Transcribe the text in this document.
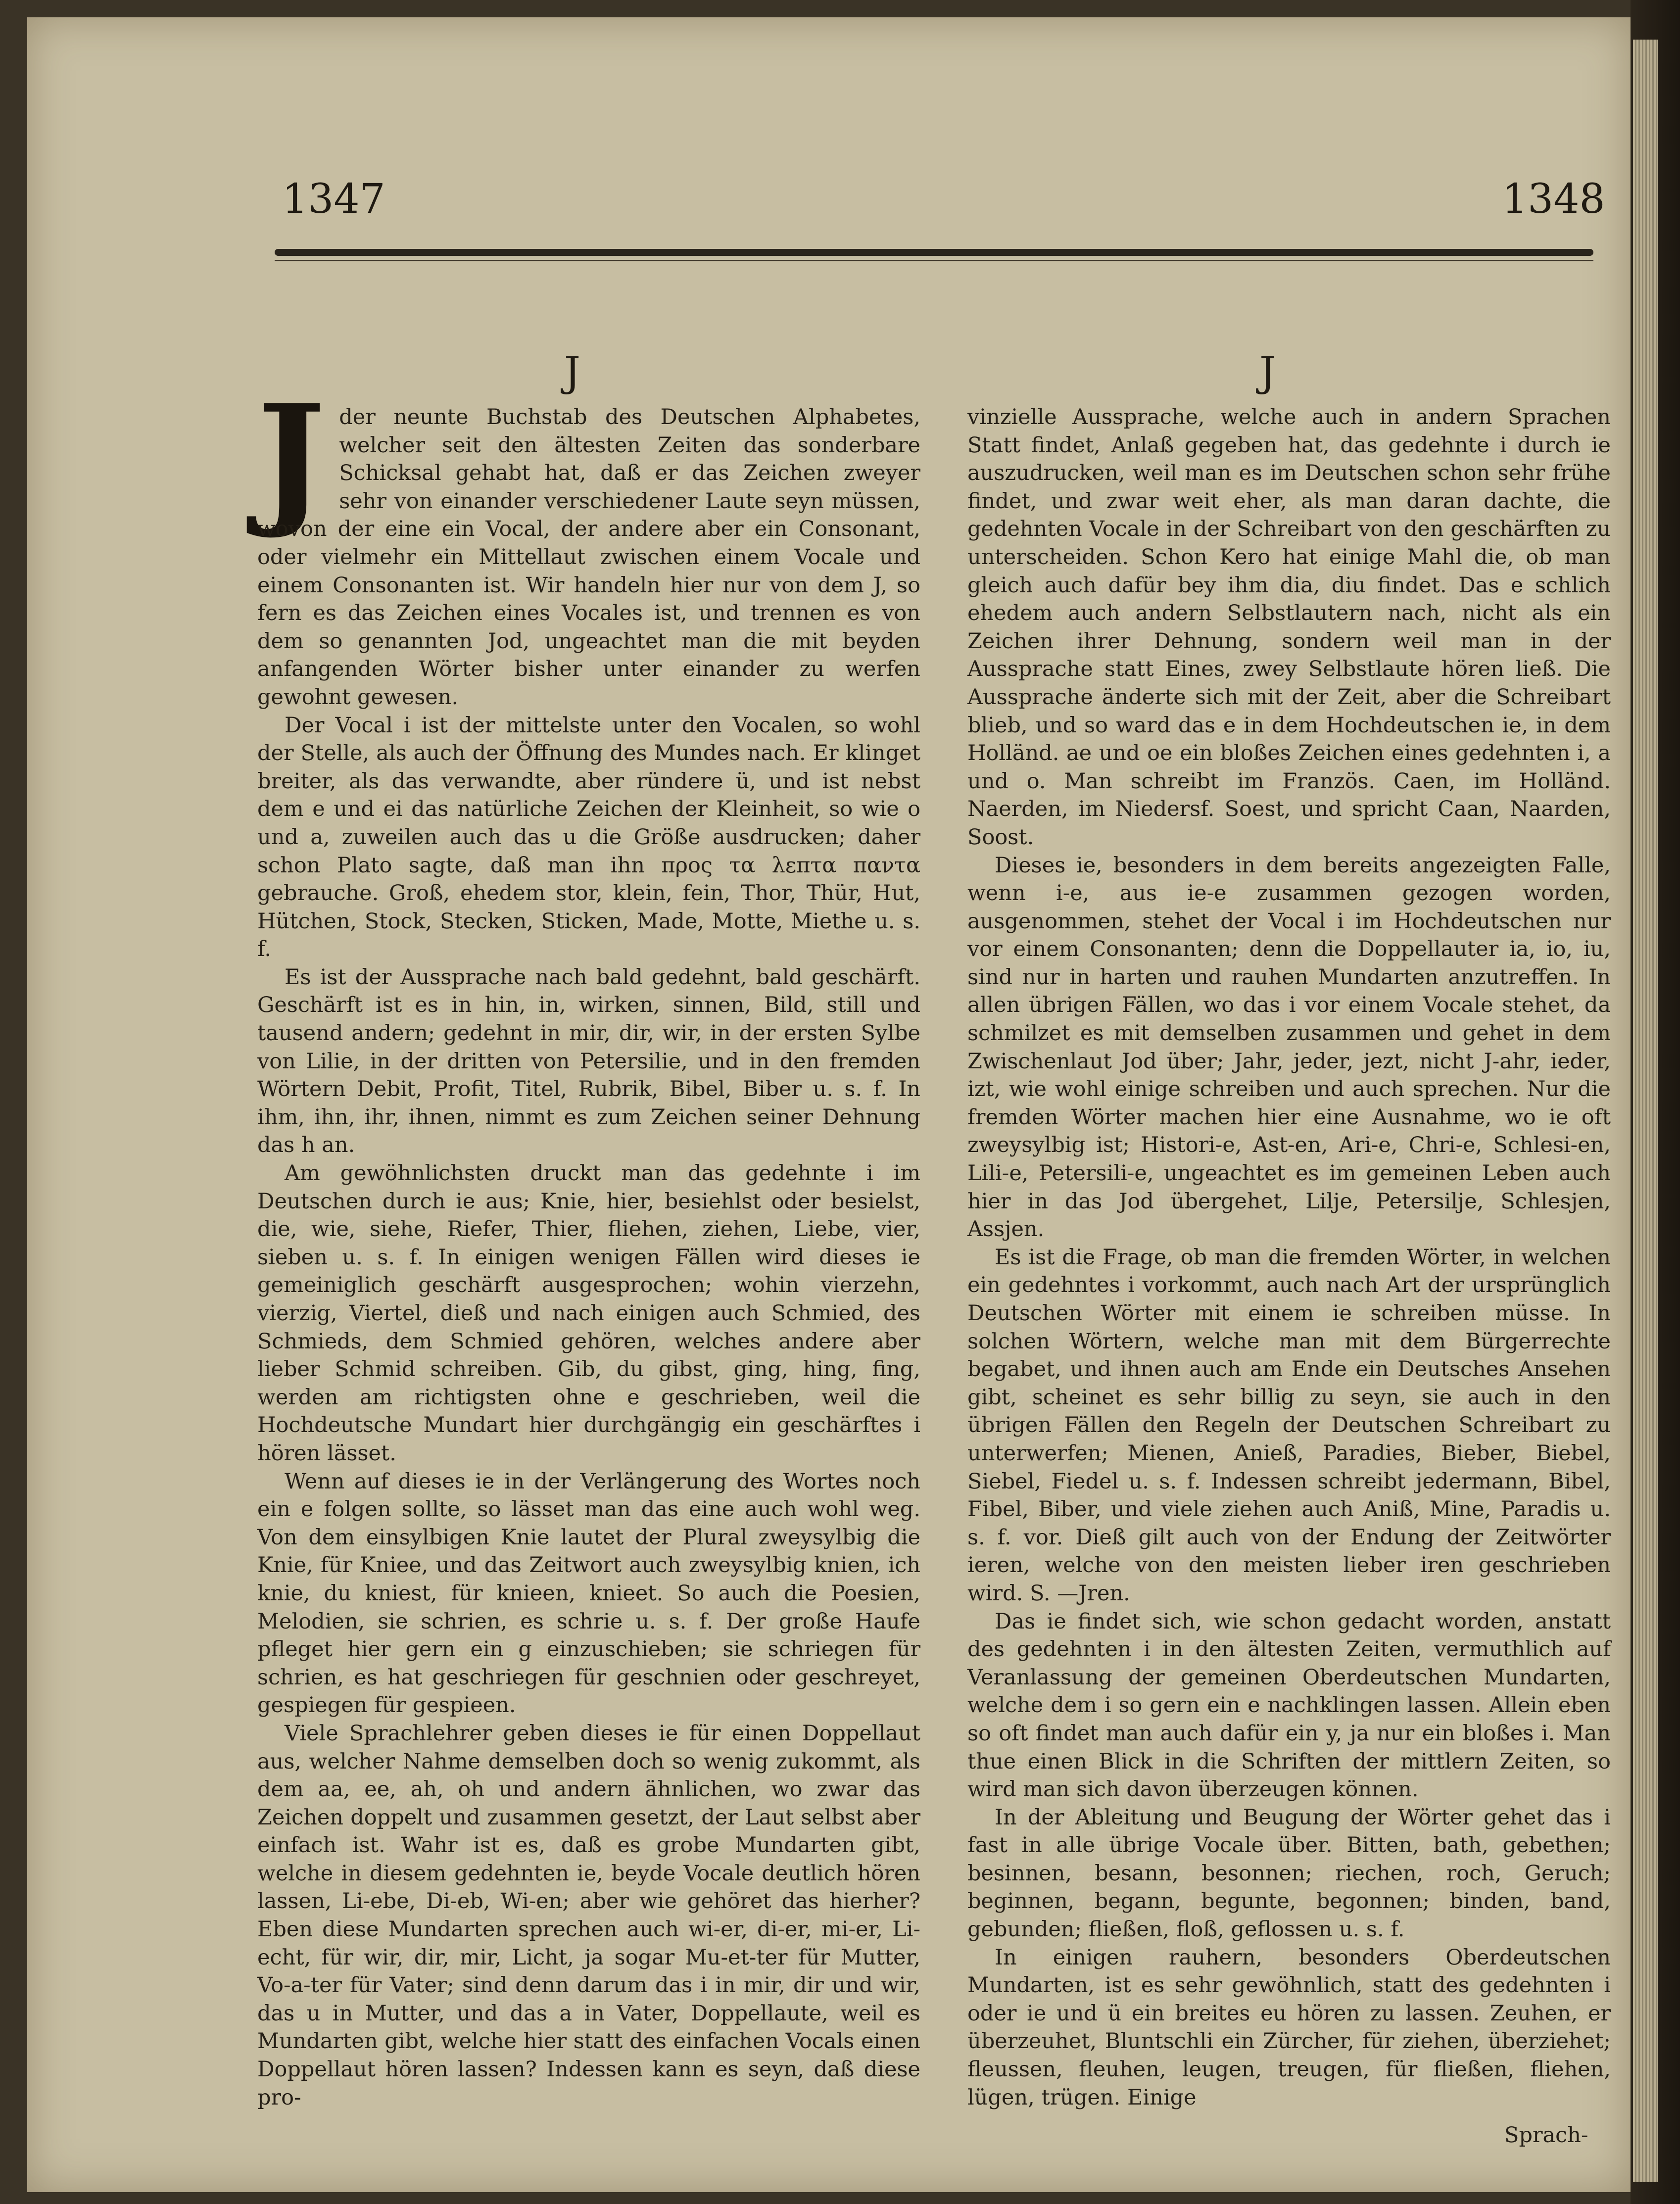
1347	1348
J	J

Jder neunte Buchstab des Deutschen Alphabetes, welcher seit den ältesten Zeiten das sonderbare Schicksal gehabt hat, daß er das Zeichen zweyer sehr von einander verschiedener Laute seyn müssen, wovon der eine ein Vocal, der andere aber ein Consonant, oder vielmehr ein Mittellaut zwischen einem Vocale und einem Consonanten ist. Wir handeln hier nur von dem J, so fern es das Zeichen eines Vocales ist, und trennen es von dem so genannten Jod, ungeachtet man die mit beyden anfangenden Wörter bisher unter einander zu werfen gewohnt gewesen.

Der Vocal i ist der mittelste unter den Vocalen, so wohl der Stelle, als auch der Öffnung des Mundes nach. Er klinget breiter, als das verwandte, aber ründere ü, und ist nebst dem e und ei das natürliche Zeichen der Kleinheit, so wie o und a, zuweilen auch das u die Größe ausdrucken; daher schon Plato sagte, daß man ihn προς τα λεπτα παντα gebrauche. Groß, ehedem stor, klein, fein, Thor, Thür, Hut, Hütchen, Stock, Stecken, Sticken, Made, Motte, Miethe u. s. f.

Es ist der Aussprache nach bald gedehnt, bald geschärft. Geschärft ist es in hin, in, wirken, sinnen, Bild, still und tausend andern; gedehnt in mir, dir, wir, in der ersten Sylbe von Lilie, in der dritten von Petersilie, und in den fremden Wörtern Debit, Profit, Titel, Rubrik, Bibel, Biber u. s. f. In ihm, ihn, ihr, ihnen, nimmt es zum Zeichen seiner Dehnung das h an.

Am gewöhnlichsten druckt man das gedehnte i im Deutschen durch ie aus; Knie, hier, besiehlst oder besielst, die, wie, siehe, Riefer, Thier, fliehen, ziehen, Liebe, vier, sieben u. s. f. In einigen wenigen Fällen wird dieses ie gemeiniglich geschärft ausgesprochen; wohin vierzehn, vierzig, Viertel, dieß und nach einigen auch Schmied, des Schmieds, dem Schmied gehören, welches andere aber lieber Schmid schreiben. Gib, du gibst, ging, hing, fing, werden am richtigsten ohne e geschrieben, weil die Hochdeutsche Mundart hier durchgängig ein geschärftes i hören lässet.

Wenn auf dieses ie in der Verlängerung des Wortes noch ein e folgen sollte, so lässet man das eine auch wohl weg. Von dem einsylbigen Knie lautet der Plural zweysylbig die Knie, für Kniee, und das Zeitwort auch zweysylbig knien, ich knie, du kniest, für knieen, knieet. So auch die Poesien, Melodien, sie schrien, es schrie u. s. f. Der große Haufe pfleget hier gern ein g einzuschieben; sie schriegen für schrien, es hat geschriegen für geschnien oder geschreyet, gespiegen für gespieen.

Viele Sprachlehrer geben dieses ie für einen Doppellaut aus, welcher Nahme demselben doch so wenig zukommt, als dem aa, ee, ah, oh und andern ähnlichen, wo zwar das Zeichen doppelt und zusammen gesetzt, der Laut selbst aber einfach ist. Wahr ist es, daß es grobe Mundarten gibt, welche in diesem gedehnten ie, beyde Vocale deutlich hören lassen, Li-ebe, Di-eb, Wi-en; aber wie gehöret das hierher? Eben diese Mundarten sprechen auch wi-er, di-er, mi-er, Li-echt, für wir, dir, mir, Licht, ja sogar Mu-et-ter für Mutter, Vo-a-ter für Vater; sind denn darum das i in mir, dir und wir, das u in Mutter, und das a in Vater, Doppellaute, weil es Mundarten gibt, welche hier statt des einfachen Vocals einen Doppellaut hören lassen? Indessen kann es seyn, daß diese pro-

vinzielle Aussprache, welche auch in andern Sprachen Statt findet, Anlaß gegeben hat, das gedehnte i durch ie auszudrucken, weil man es im Deutschen schon sehr frühe findet, und zwar weit eher, als man daran dachte, die gedehnten Vocale in der Schreibart von den geschärften zu unterscheiden. Schon Kero hat einige Mahl die, ob man gleich auch dafür bey ihm dia, diu findet. Das e schlich ehedem auch andern Selbstlautern nach, nicht als ein Zeichen ihrer Dehnung, sondern weil man in der Aussprache statt Eines, zwey Selbstlaute hören ließ. Die Aussprache änderte sich mit der Zeit, aber die Schreibart blieb, und so ward das e in dem Hochdeutschen ie, in dem Holländ. ae und oe ein bloßes Zeichen eines gedehnten i, a und o. Man schreibt im Französ. Caen, im Holländ. Naerden, im Niedersf. Soest, und spricht Caan, Naarden, Soost.

Dieses ie, besonders in dem bereits angezeigten Falle, wenn i-e, aus ie-e zusammen gezogen worden, ausgenommen, stehet der Vocal i im Hochdeutschen nur vor einem Consonanten; denn die Doppellauter ia, io, iu, sind nur in harten und rauhen Mundarten anzutreffen. In allen übrigen Fällen, wo das i vor einem Vocale stehet, da schmilzet es mit demselben zusammen und gehet in dem Zwischenlaut Jod über; Jahr, jeder, jezt, nicht J-ahr, ieder, izt, wie wohl einige schreiben und auch sprechen. Nur die fremden Wörter machen hier eine Ausnahme, wo ie oft zweysylbig ist; Histori-e, Ast-en, Ari-e, Chri-e, Schlesi-en, Lili-e, Petersili-e, ungeachtet es im gemeinen Leben auch hier in das Jod übergehet, Lilje, Petersilje, Schlesjen, Assjen.

Es ist die Frage, ob man die fremden Wörter, in welchen ein gedehntes i vorkommt, auch nach Art der ursprünglich Deutschen Wörter mit einem ie schreiben müsse. In solchen Wörtern, welche man mit dem Bürgerrechte begabet, und ihnen auch am Ende ein Deutsches Ansehen gibt, scheinet es sehr billig zu seyn, sie auch in den übrigen Fällen den Regeln der Deutschen Schreibart zu unterwerfen; Mienen, Anieß, Paradies, Bieber, Biebel, Siebel, Fiedel u. s. f. Indessen schreibt jedermann, Bibel, Fibel, Biber, und viele ziehen auch Aniß, Mine, Paradis u. s. f. vor. Dieß gilt auch von der Endung der Zeitwörter ieren, welche von den meisten lieber iren geschrieben wird. S. —Jren.

Das ie findet sich, wie schon gedacht worden, anstatt des gedehnten i in den ältesten Zeiten, vermuthlich auf Veranlassung der gemeinen Oberdeutschen Mundarten, welche dem i so gern ein e nachklingen lassen. Allein eben so oft findet man auch dafür ein y, ja nur ein bloßes i. Man thue einen Blick in die Schriften der mittlern Zeiten, so wird man sich davon überzeugen können.

In der Ableitung und Beugung der Wörter gehet das i fast in alle übrige Vocale über. Bitten, bath, gebethen; besinnen, besann, besonnen; riechen, roch, Geruch; beginnen, begann, begunte, begonnen; binden, band, gebunden; fließen, floß, geflossen u. s. f.

In einigen rauhern, besonders Oberdeutschen Mundarten, ist es sehr gewöhnlich, statt des gedehnten i oder ie und ü ein breites eu hören zu lassen. Zeuhen, er überzeuhet, Bluntschli ein Zürcher, für ziehen, überziehet; fleussen, fleuhen, leugen, treugen, für fließen, fliehen, lügen, trügen. Einige

Sprach-
